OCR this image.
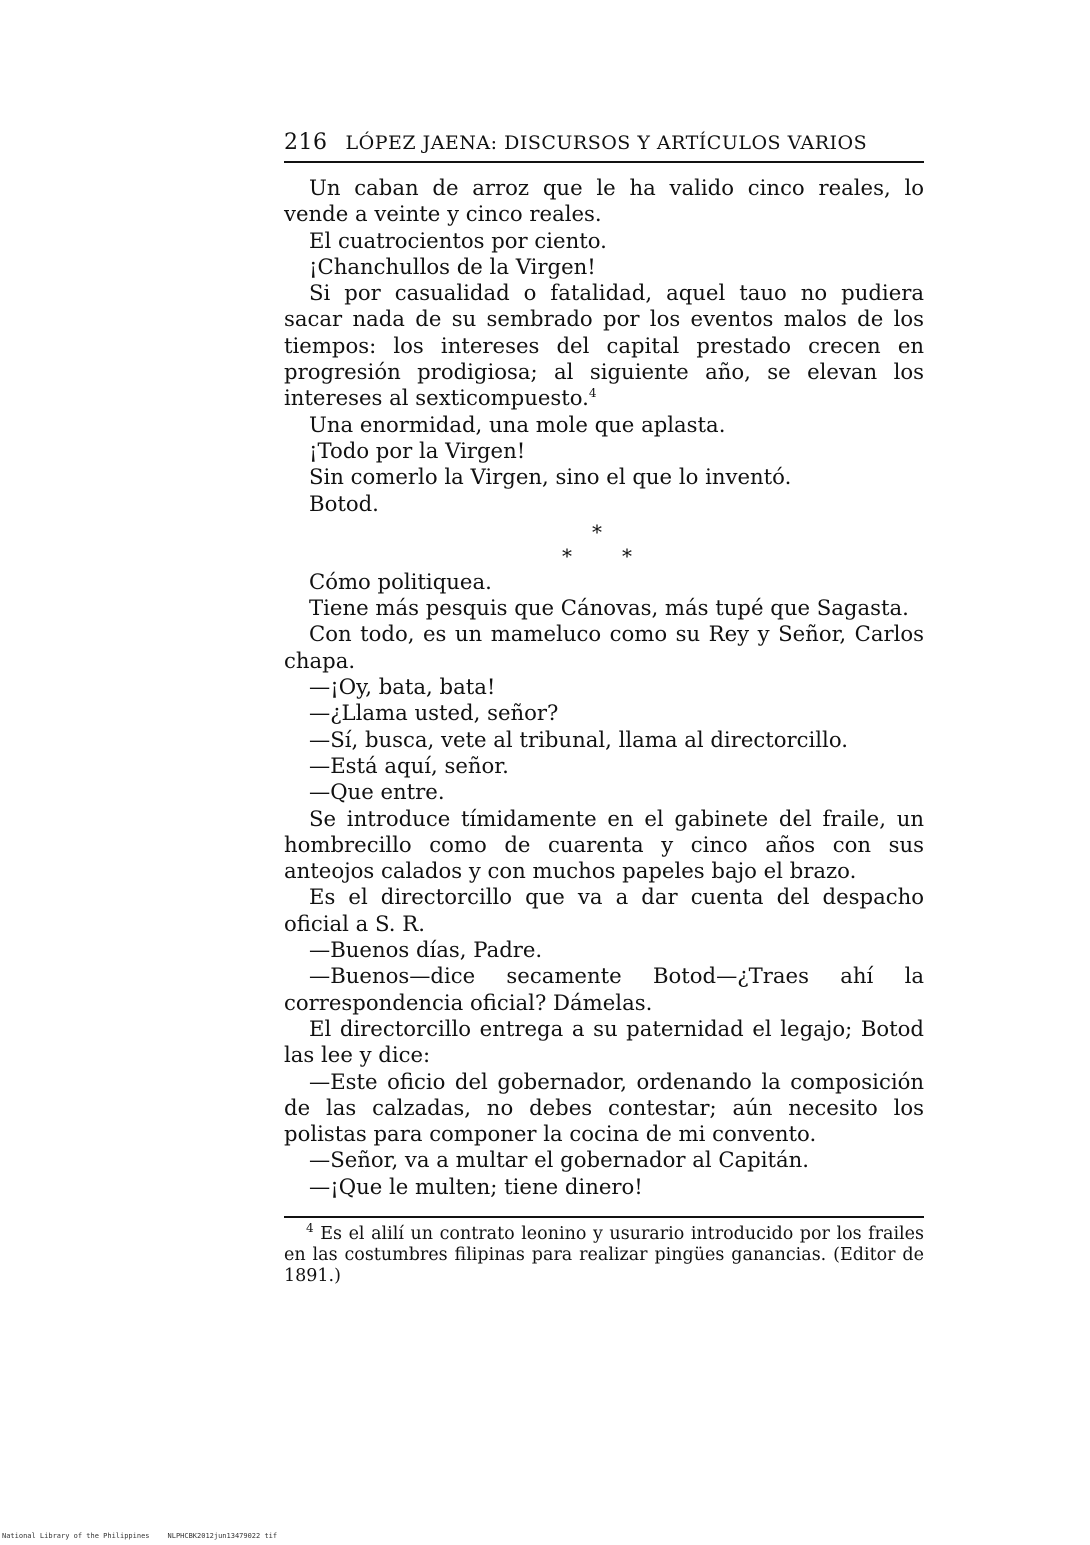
216 LÓPEZ JAENA: DISCURSOS Y ARTÍCULOS VARIOS

Un caban de arroz que le ha valido cinco reales, lo vende a veinte y cinco reales.

El cuatrocientos por ciento.

¡Chanchullos de la Virgen!

Si por casualidad o fatalidad, aquel tauo no pudiera sacar nada de su sembrado por los eventos malos de los tiempos: los intereses del capital prestado crecen en progresión prodigiosa; al siguiente año, se elevan los intereses al sexticompuesto.$^4$

Una enormidad, una mole que aplasta.

¡Todo por la Virgen!

Sin comerlo la Virgen, sino el que lo inventó.

Botod.

*
*	*

Cómo politiquea.

Tiene más pesquis que Cánovas, más tupé que Sagasta.

Con todo, es un mameluco como su Rey y Señor, Carlos chapa.

—¡Oy, bata, bata!

—¿Llama usted, señor?

—Sí, busca, vete al tribunal, llama al directorcillo.

—Está aquí, señor.

—Que entre.

Se introduce tímidamente en el gabinete del fraile, un hombrecillo como de cuarenta y cinco años con sus anteojos calados y con muchos papeles bajo el brazo.

Es el directorcillo que va a dar cuenta del despacho oficial a S. R.

—Buenos días, Padre.

—Buenos—dice secamente Botod—¿Traes ahí la correspondencia oficial? Dámelas.

El directorcillo entrega a su paternidad el legajo; Botod las lee y dice:

—Este oficio del gobernador, ordenando la composición de las calzadas, no debes contestar; aún necesito los polistas para componer la cocina de mi convento.

—Señor, va a multar el gobernador al Capitán.

—¡Que le multen; tiene dinero!

$^4$ Es el alilí un contrato leonino y usurario introducido por los frailes en las costumbres filipinas para realizar pingües ganancias. (Editor de 1891.)
National Library of the Philippines	NLPHCBK2012jun13479022 tif
